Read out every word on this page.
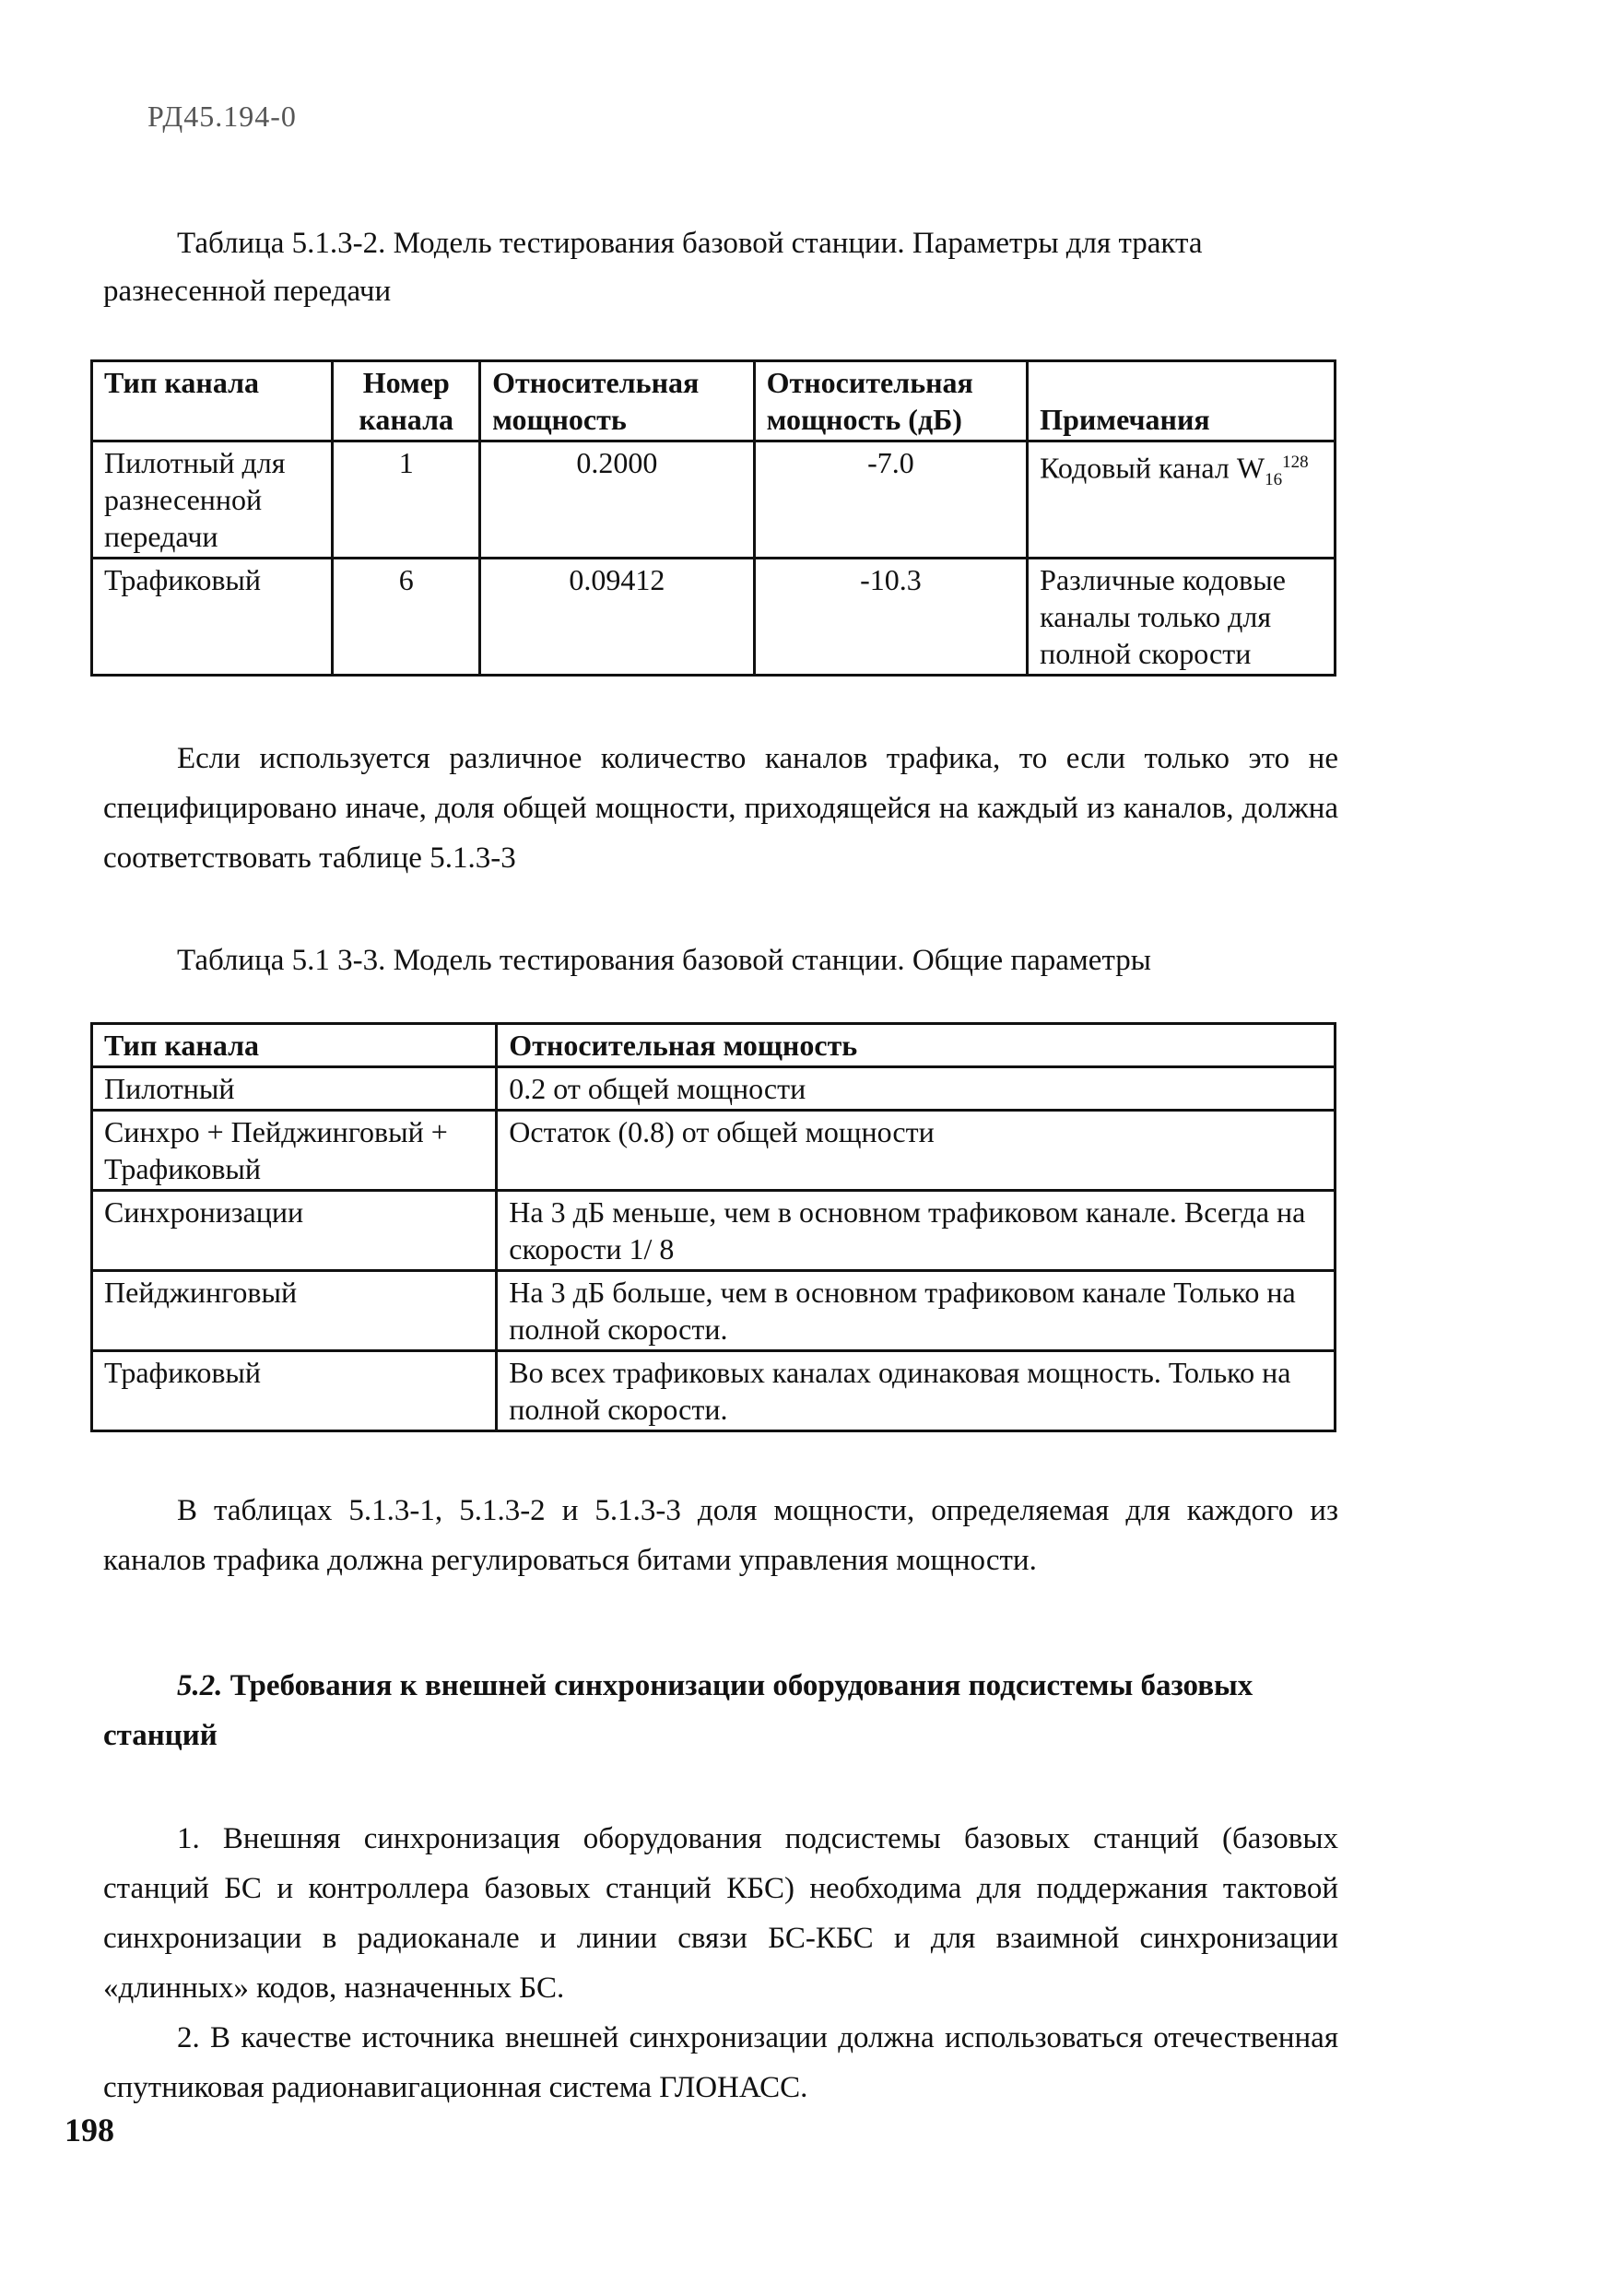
РД45.194-0
Таблица 5.1.3-2. Модель тестирования базовой станции. Параметры для тракта
разнесенной передачи
Тип канала	Номер канала	Относительная мощность	Относительная мощность (дБ)	Примечания
Пилотный для разнесенной передачи	1	0.2000	-7.0	Кодовый канал $W_{16}^{128}$
Трафиковый	6	0.09412	-10.3	Различные кодовые каналы только для полной скорости

Если используется различное количество каналов трафика, то если только это не специфицировано иначе, доля общей мощности, приходящейся на каждый из каналов, должна соответствовать таблице 5.1.3-3

Таблица 5.1 3-3. Модель тестирования базовой станции. Общие параметры
Тип канала	Относительная мощность
Пилотный	0.2 от общей мощности
Синхро + Пейджинговый + Трафиковый	Остаток (0.8) от общей мощности
Синхронизации	На 3 дБ меньше, чем в основном трафиковом канале. Всегда на скорости 1/ 8
Пейджинговый	На 3 дБ больше, чем в основном трафиковом канале Только на полной скорости.
Трафиковый	Во всех трафиковых каналах одинаковая мощность. Только на полной скорости.

В таблицах 5.1.3-1, 5.1.3-2 и 5.1.3-3 доля мощности, определяемая для каждого из каналов трафика должна регулироваться битами управления мощности.

5.2. Требования к внешней синхронизации оборудования подсистемы базовых станций

1. Внешняя синхронизация оборудования подсистемы базовых станций (базовых станций БС и контроллера базовых станций КБС) необходима для поддержания тактовой синхронизации в радиоканале и линии связи БС-КБС и для взаимной синхронизации «длинных» кодов, назначенных БС.

2. В качестве источника внешней синхронизации должна использоваться отечественная спутниковая радионавигационная система ГЛОНАСС.

198
